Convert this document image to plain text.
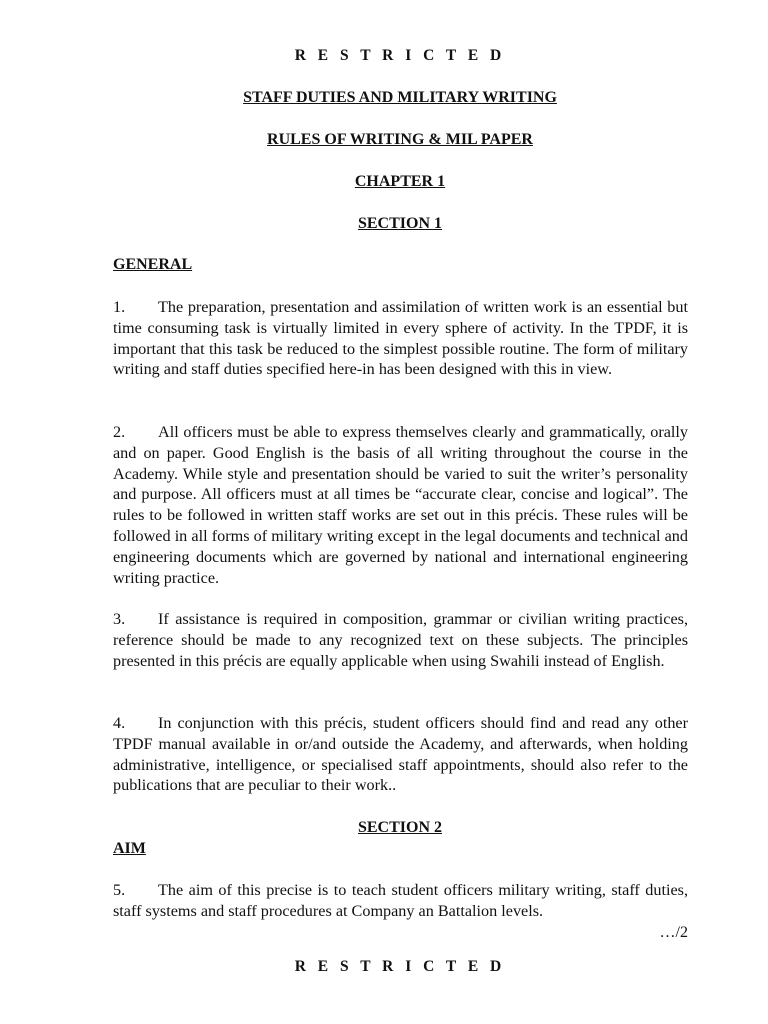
R E S T R I C T E D
STAFF DUTIES AND MILITARY WRITING
RULES OF WRITING & MIL PAPER
CHAPTER 1
SECTION 1
GENERAL

1. The preparation, presentation and assimilation of written work is an essential but time consuming task is virtually limited in every sphere of activity. In the TPDF, it is important that this task be reduced to the simplest possible routine. The form of military writing and staff duties specified here-in has been designed with this in view.

2. All officers must be able to express themselves clearly and grammatically, orally and on paper. Good English is the basis of all writing throughout the course in the Academy. While style and presentation should be varied to suit the writer’s personality and purpose. All officers must at all times be “accurate clear, concise and logical”. The rules to be followed in written staff works are set out in this précis. These rules will be followed in all forms of military writing except in the legal documents and technical and engineering documents which are governed by national and international engineering writing practice.

3. If assistance is required in composition, grammar or civilian writing practices, reference should be made to any recognized text on these subjects. The principles presented in this précis are equally applicable when using Swahili instead of English.

4. In conjunction with this précis, student officers should find and read any other TPDF manual available in or/and outside the Academy, and afterwards, when holding administrative, intelligence, or specialised staff appointments, should also refer to the publications that are peculiar to their work..

SECTION 2
AIM

5. The aim of this precise is to teach student officers military writing, staff duties, staff systems and staff procedures at Company an Battalion levels.

…/2
R E S T R I C T E D
